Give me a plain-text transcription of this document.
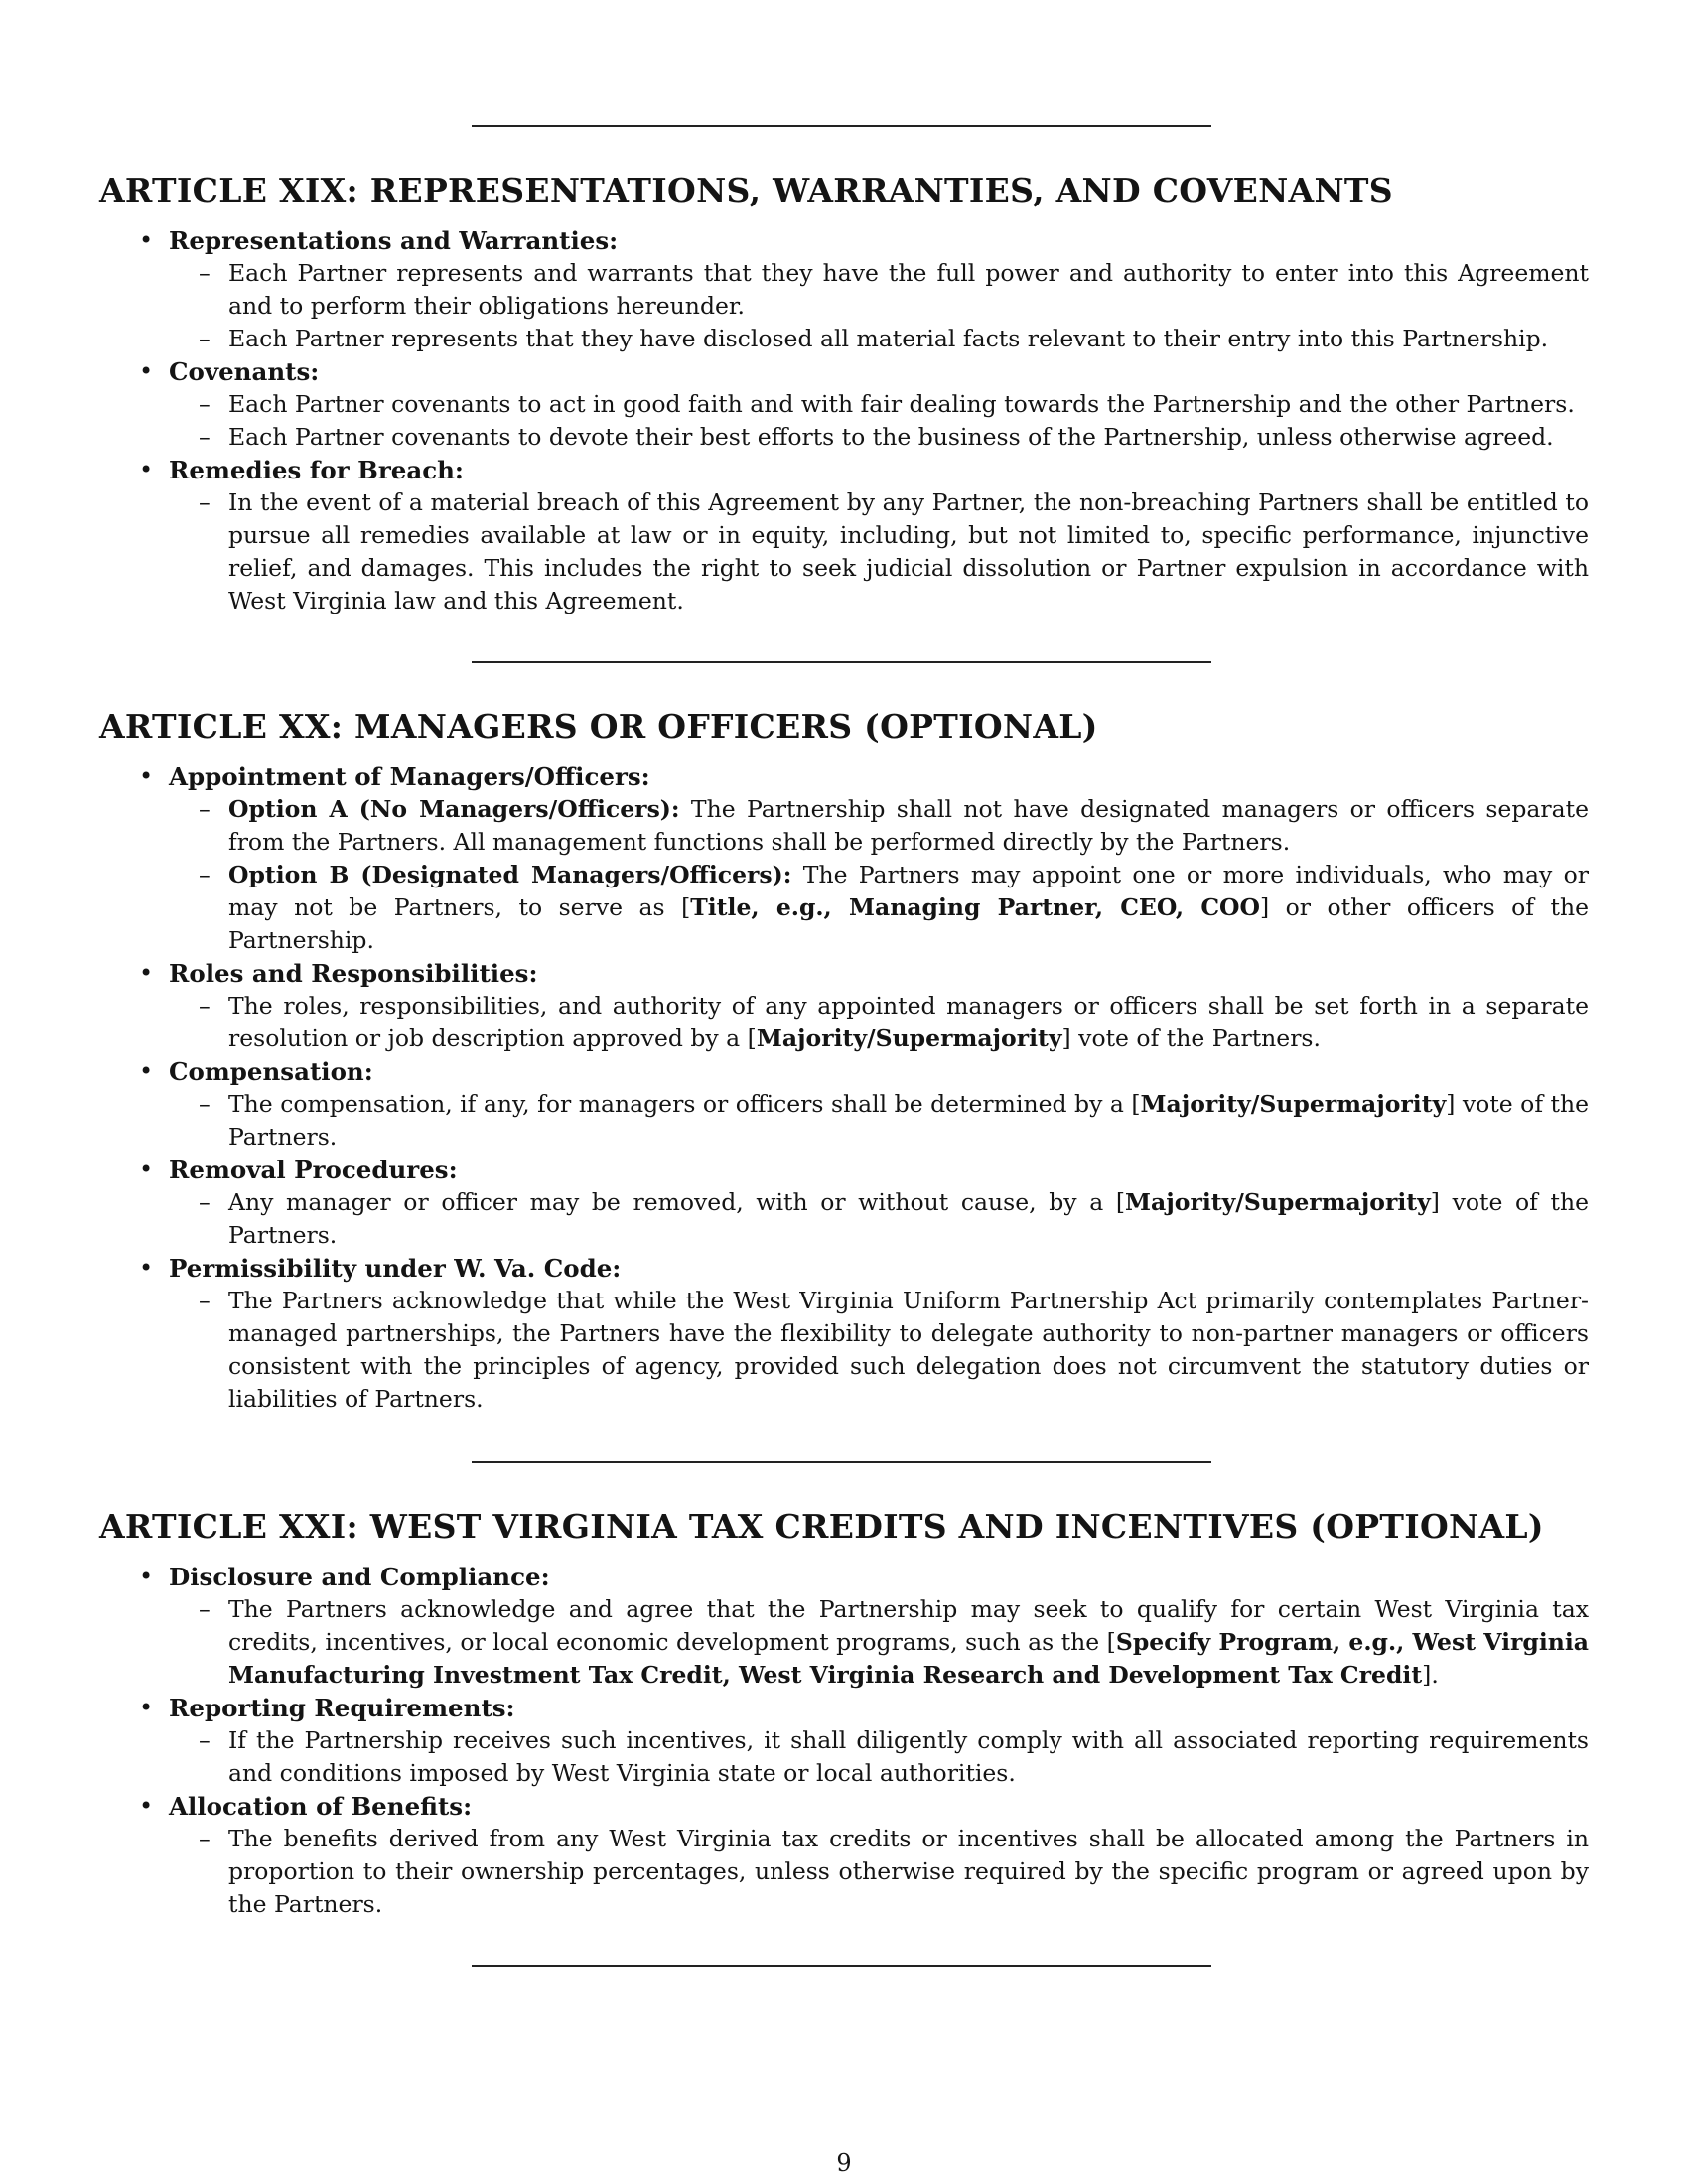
ARTICLE XIX: REPRESENTATIONS, WARRANTIES, AND COVENANTS
• Representations and Warranties:
– Each Partner represents and warrants that they have the full power and authority to enter into this Agreement and to perform their obligations hereunder.
– Each Partner represents that they have disclosed all material facts relevant to their entry into this Partnership.
• Covenants:
– Each Partner covenants to act in good faith and with fair dealing towards the Partnership and the other Partners.
– Each Partner covenants to devote their best efforts to the business of the Partnership, unless otherwise agreed.
• Remedies for Breach:
– In the event of a material breach of this Agreement by any Partner, the non-breaching Partners shall be entitled to pursue all remedies available at law or in equity, including, but not limited to, specific performance, injunctive relief, and damages. This includes the right to seek judicial dissolution or Partner expulsion in accordance with West Virginia law and this Agreement.
ARTICLE XX: MANAGERS OR OFFICERS (OPTIONAL)
• Appointment of Managers/Officers:
– Option A (No Managers/Officers): The Partnership shall not have designated managers or officers separate from the Partners. All management functions shall be performed directly by the Partners.
– Option B (Designated Managers/Officers): The Partners may appoint one or more individuals, who may or may not be Partners, to serve as [Title, e.g., Managing Partner, CEO, COO] or other officers of the Partnership.
• Roles and Responsibilities:
– The roles, responsibilities, and authority of any appointed managers or officers shall be set forth in a separate resolution or job description approved by a [Majority/Supermajority] vote of the Partners.
• Compensation:
– The compensation, if any, for managers or officers shall be determined by a [Majority/Supermajority] vote of the Partners.
• Removal Procedures:
– Any manager or officer may be removed, with or without cause, by a [Majority/Supermajority] vote of the Partners.
• Permissibility under W. Va. Code:
– The Partners acknowledge that while the West Virginia Uniform Partnership Act primarily contemplates Partner-managed partnerships, the Partners have the flexibility to delegate authority to non-partner managers or officers consistent with the principles of agency, provided such delegation does not circumvent the statutory duties or liabilities of Partners.
ARTICLE XXI: WEST VIRGINIA TAX CREDITS AND INCENTIVES (OPTIONAL)
• Disclosure and Compliance:
– The Partners acknowledge and agree that the Partnership may seek to qualify for certain West Virginia tax credits, incentives, or local economic development programs, such as the [Specify Program, e.g., West Virginia Manufacturing Investment Tax Credit, West Virginia Research and Development Tax Credit].
• Reporting Requirements:
– If the Partnership receives such incentives, it shall diligently comply with all associated reporting requirements and conditions imposed by West Virginia state or local authorities.
• Allocation of Benefits:
– The benefits derived from any West Virginia tax credits or incentives shall be allocated among the Partners in proportion to their ownership percentages, unless otherwise required by the specific program or agreed upon by the Partners.
9
